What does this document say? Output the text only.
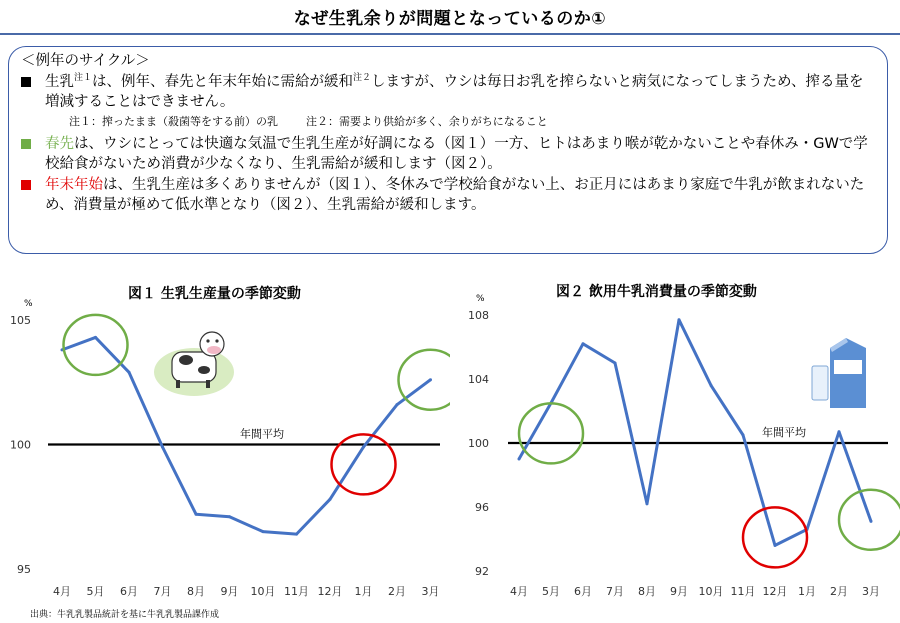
なぜ生乳余りが問題となっているのか①
＜例年のサイクル＞
生乳$^{注1}$は、例年、春先と年末年始に需給が緩和$^{注2}$しますが、ウシは毎日お乳を搾らないと病気になってしまうため、搾る量を増減することはできません。
注１：搾ったまま（殺菌等をする前）の乳	注２：需要より供給が多く、余りがちになること
春先は、ウシにとっては快適な気温で生乳生産が好調になる（図１）一方、ヒトはあまり喉が乾かないことや春休み・GWで学校給食がないため消費が少なくなり、生乳需給が緩和します（図２）。
年末年始は、生乳生産は多くありませんが（図１）、冬休みで学校給食がない上、お正月にはあまり家庭で牛乳が飲まれないため、消費量が極めて低水準となり（図２）、生乳需給が緩和します。
図１ 生乳生産量の季節変動	図２ 飲用牛乳消費量の季節変動
%
95
100
105
年間平均
4月 5月 6月 7月 8月 9月 10月 11月 12月 1月 2月 3月
%
92
96
100
104
108
年間平均
4月 5月 6月 7月 8月 9月 10月 11月 12月 1月 2月 3月
出典：牛乳乳製品統計を基に牛乳乳製品課作成
